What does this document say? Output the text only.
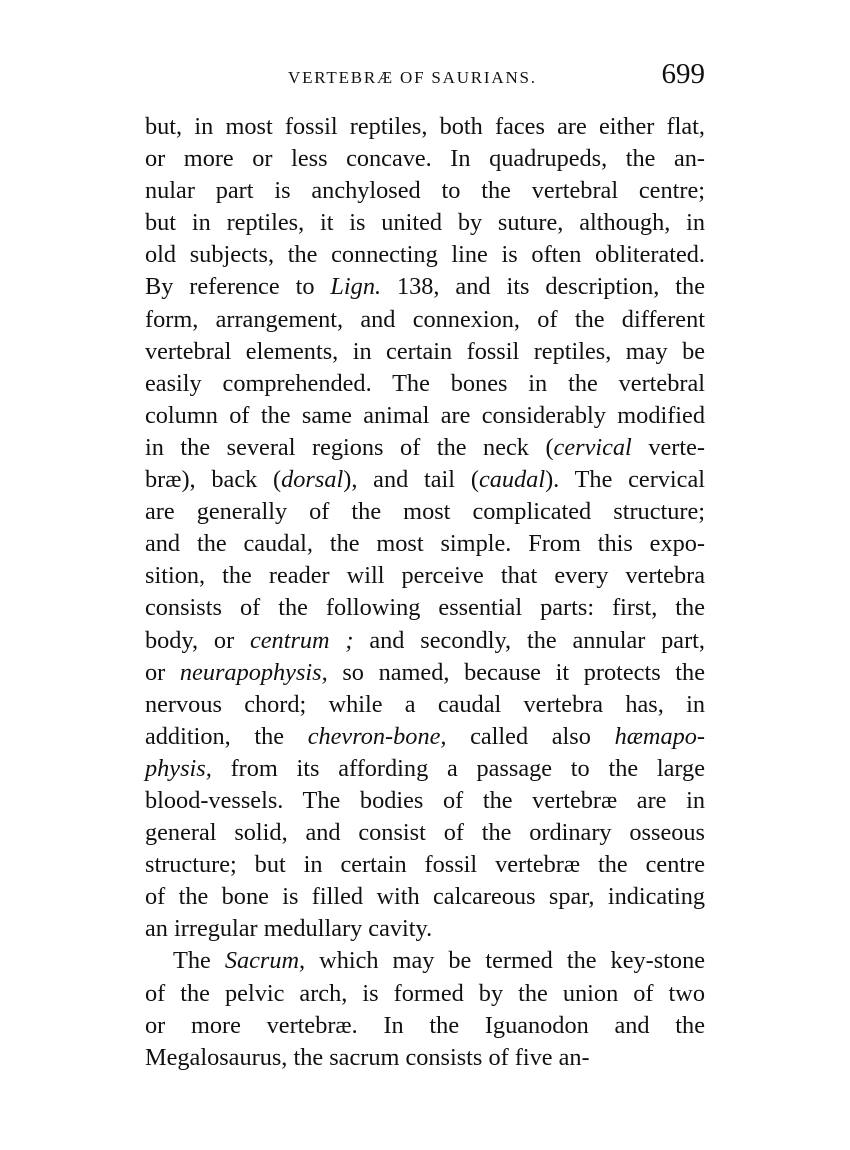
VERTEBRÆ OF SAURIANS.	699
but, in most fossil reptiles, both faces are either flat,
or more or less concave. In quadrupeds, the an-
nular part is anchylosed to the vertebral centre;
but in reptiles, it is united by suture, although, in
old subjects, the connecting line is often obliterated.
By reference to Lign. 138, and its description, the
form, arrangement, and connexion, of the different
vertebral elements, in certain fossil reptiles, may be
easily comprehended. The bones in the vertebral
column of the same animal are considerably modified
in the several regions of the neck (cervical verte-
bræ), back (dorsal), and tail (caudal). The cervical
are generally of the most complicated structure;
and the caudal, the most simple. From this expo-
sition, the reader will perceive that every vertebra
consists of the following essential parts: first, the
body, or centrum ; and secondly, the annular part,
or neurapophysis, so named, because it protects the
nervous chord; while a caudal vertebra has, in
addition, the chevron-bone, called also hæmapo-
physis, from its affording a passage to the large
blood-vessels. The bodies of the vertebræ are in
general solid, and consist of the ordinary osseous
structure; but in certain fossil vertebræ the centre
of the bone is filled with calcareous spar, indicating
an irregular medullary cavity.
The Sacrum, which may be termed the key-stone
of the pelvic arch, is formed by the union of two
or more vertebræ. In the Iguanodon and the
Megalosaurus, the sacrum consists of five an-
